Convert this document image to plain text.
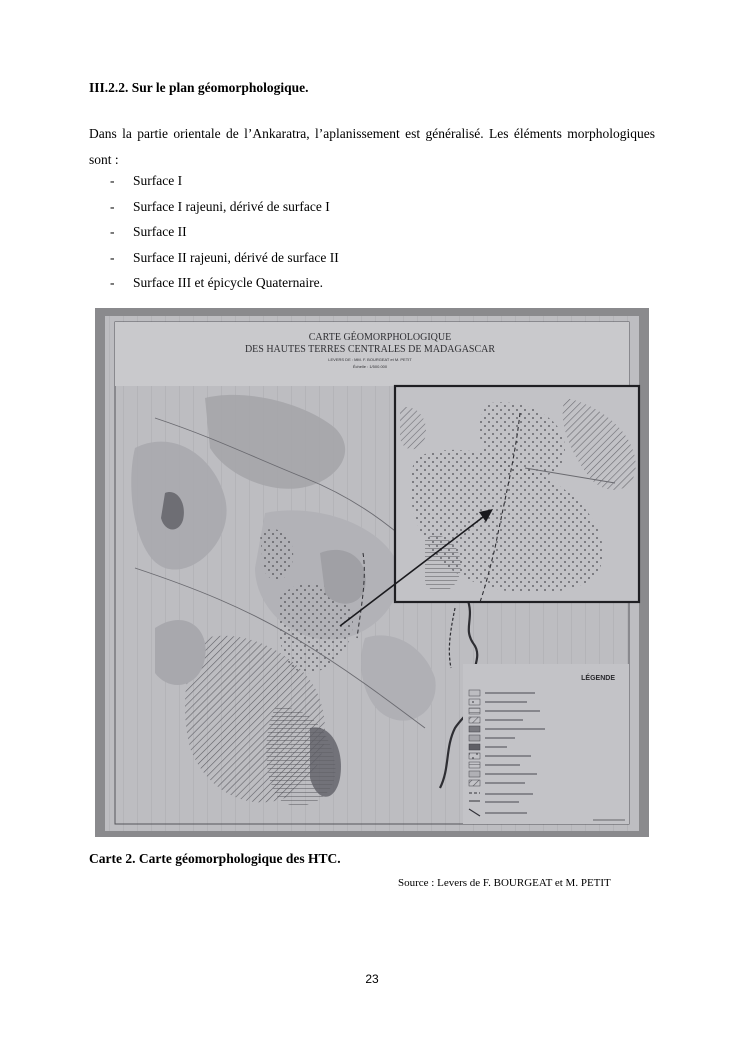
III.2.2. Sur le plan géomorphologique.
Dans la partie orientale de l’Ankaratra, l’aplanissement est généralisé. Les éléments morphologiques sont :
- Surface I
- Surface I rajeuni, dérivé de surface I
- Surface II
- Surface II rajeuni, dérivé de surface II
- Surface III et épicycle Quaternaire.
CARTE GÉOMORPHOLOGIQUE
DES HAUTES TERRES CENTRALES DE MADAGASCAR
LEVERS DE : MM. F. BOURGEAT et M. PETIT
Échelle : 1/500.000
LÉGENDE
Carte 2. Carte géomorphologique des HTC.
Source : Levers de F. BOURGEAT et M. PETIT
23
